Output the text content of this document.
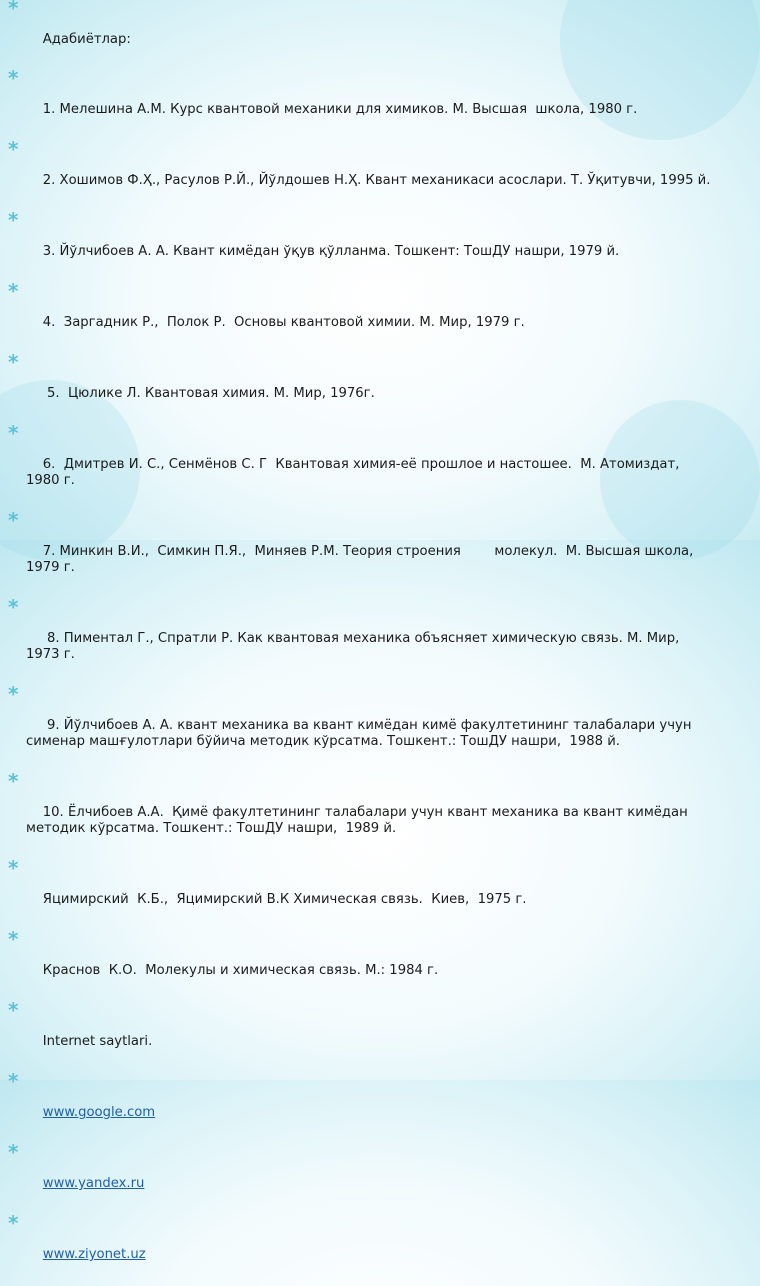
*

Адабиётлар:

*

1. Мелешина А.М. Курс квантовой механики для химиков. М. Высшая  школа, 1980 г.

*

2. Хошимов Ф.Ҳ., Расулов Р.Й., Йўлдошев Н.Ҳ. Квант механикаси асослари. Т. Ўқитувчи, 1995 й.

*

3. Йўлчибоев А. А. Квант кимёдан ўқув қўлланма. Тошкент: ТошДУ нашри, 1979 й.

*

4.  Заргадник Р.,  Полок Р.  Основы квантовой химии. М. Мир, 1979 г.

*

5.  Цюлике Л. Квантовая химия. М. Мир, 1976г.

*

6.  Дмитрев И. С., Сенмёнов С. Г  Квантовая химия-её прошлое и настошее.  М. Атомиздат,  1980 г.

*

7. Минкин В.И.,  Симкин П.Я.,  Миняев Р.М. Теория строения        молекул.  М. Высшая школа, 1979 г.

*

8. Пиментал Г., Спратли Р. Как квантовая механика объясняет химическую связь. М. Мир,  1973 г.

*

9. Йўлчибоев А. А. квант механика ва квант кимёдан кимё факултетининг талабалари учун сименар машғулотлари бўйича методик кўрсатма. Тошкент.: ТошДУ нашри,  1988 й.

*

10. Ёлчибоев А.А.  Қимё факултетининг талабалари учун квант механика ва квант кимёдан методик кўрсатма. Тошкент.: ТошДУ нашри,  1989 й.

*

Яцимирский  К.Б.,  Яцимирский В.К Химическая связь.  Киев,  1975 г.

*

Краснов  К.О.  Молекулы и химическая связь. М.: 1984 г.

*

Internet saytlari.

*

www.google.com

*

www.yandex.ru

*

www.ziyonet.uz
